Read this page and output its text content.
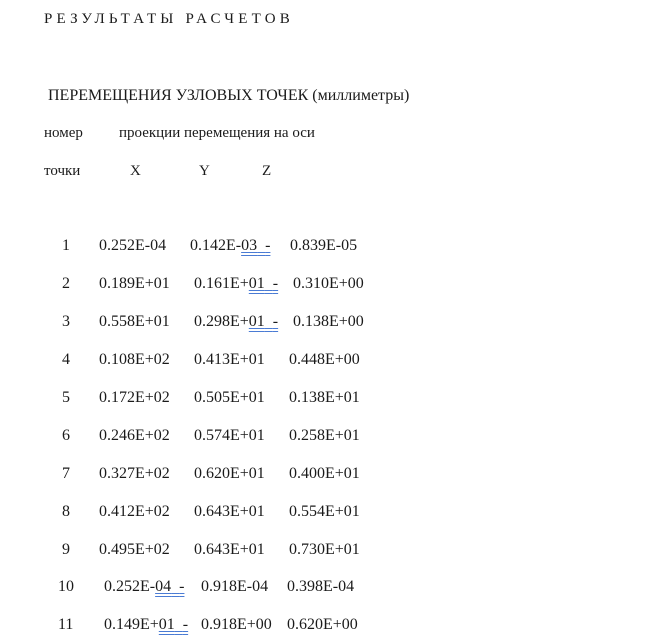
РЕЗУЛЬТАТЫ РАСЧЕТОВ
ПЕРЕМЕЩЕНИЯ УЗЛОВЫХ ТОЧЕК (миллиметры)
номер проекции перемещения на оси
точки	X	Y	Z
1 0.252E-04 0.142E-03 - 0.839E-05
2 0.189E+01 0.161E+01 - 0.310E+00
3 0.558E+01 0.298E+01 - 0.138E+00
4 0.108E+02 0.413E+01 0.448E+00
5 0.172E+02 0.505E+01 0.138E+01
6 0.246E+02 0.574E+01 0.258E+01
7 0.327E+02 0.620E+01 0.400E+01
8 0.412E+02 0.643E+01 0.554E+01
9 0.495E+02 0.643E+01 0.730E+01
10 0.252E-04 - 0.918E-04 0.398E-04
11 0.149E+01 - 0.918E+00 0.620E+00
